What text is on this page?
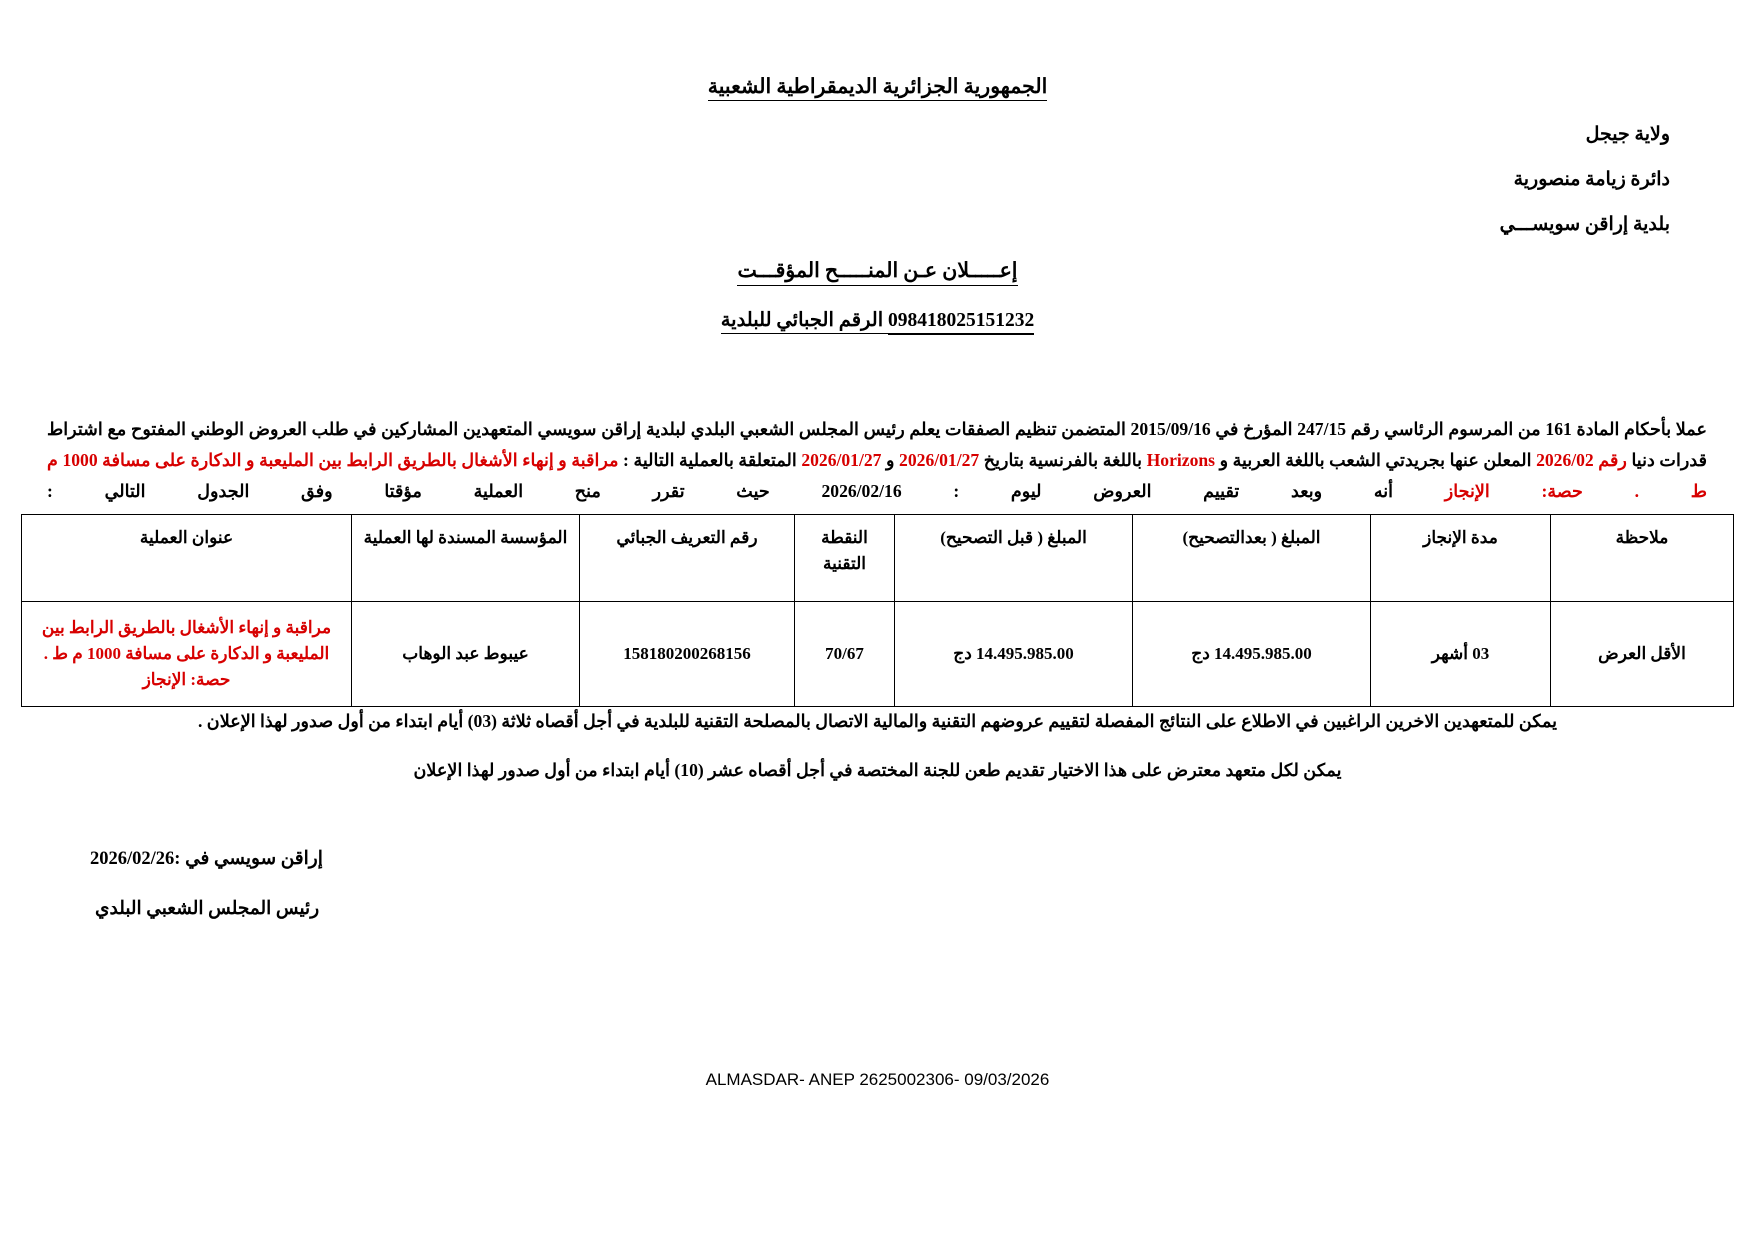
الجمهورية الجزائرية الديمقراطية الشعبية
ولاية جيجل
دائرة زيامة منصورية
بلدية إراقن سويســـي
إعـــــلان عـن المنـــــح المؤقـــت
098418025151232 الرقم الجبائي للبلدية
عملا بأحكام المادة 161 من المرسوم الرئاسي رقم 247/15 المؤرخ في 2015/09/16 المتضمن تنظيم الصفقات يعلم رئيس المجلس الشعبي البلدي لبلدية إراقن سويسي المتعهدين المشاركين في طلب العروض الوطني المفتوح مع اشتراط قدرات دنيا رقم 2026/02 المعلن عنها بجريدتي الشعب باللغة العربية و Horizons باللغة بالفرنسية بتاريخ 2026/01/27 و 2026/01/27 المتعلقة بالعملية التالية : مراقبة و إنهاء الأشغال بالطريق الرابط بين المليعبة و الدكارة على مسافة 1000 م ط . حصة: الإنجاز أنه وبعد تقييم العروض ليوم : 2026/02/16 حيث تقرر منح العملية مؤقتا وفق الجدول التالي :
ملاحظة	مدة الإنجاز	المبلغ ( بعدالتصحيح)	المبلغ ( قبل التصحيح)	النقطة التقنية	رقم التعريف الجبائي	المؤسسة المسندة لها العملية	عنوان العملية
الأقل العرض	03 أشهر	14.495.985.00 دج	14.495.985.00 دج	70/67	158180200268156	عيبوط عبد الوهاب	مراقبة و إنهاء الأشغال بالطريق الرابط بين المليعبة و الدكارة على مسافة 1000 م ط . حصة: الإنجاز
يمكن للمتعهدين الاخرين الراغبين في الاطلاع على النتائج المفصلة لتقييم عروضهم التقنية والمالية الاتصال بالمصلحة التقنية للبلدية في أجل أقصاه ثلاثة (03) أيام ابتداء من أول صدور لهذا الإعلان .
يمكن لكل متعهد معترض على هذا الاختيار تقديم طعن للجنة المختصة في أجل أقصاه عشر (10) أيام ابتداء من أول صدور لهذا الإعلان
إراقن سويسي في :2026/02/26
رئيس المجلس الشعبي البلدي
ALMASDAR- ANEP 2625002306- 09/03/2026
